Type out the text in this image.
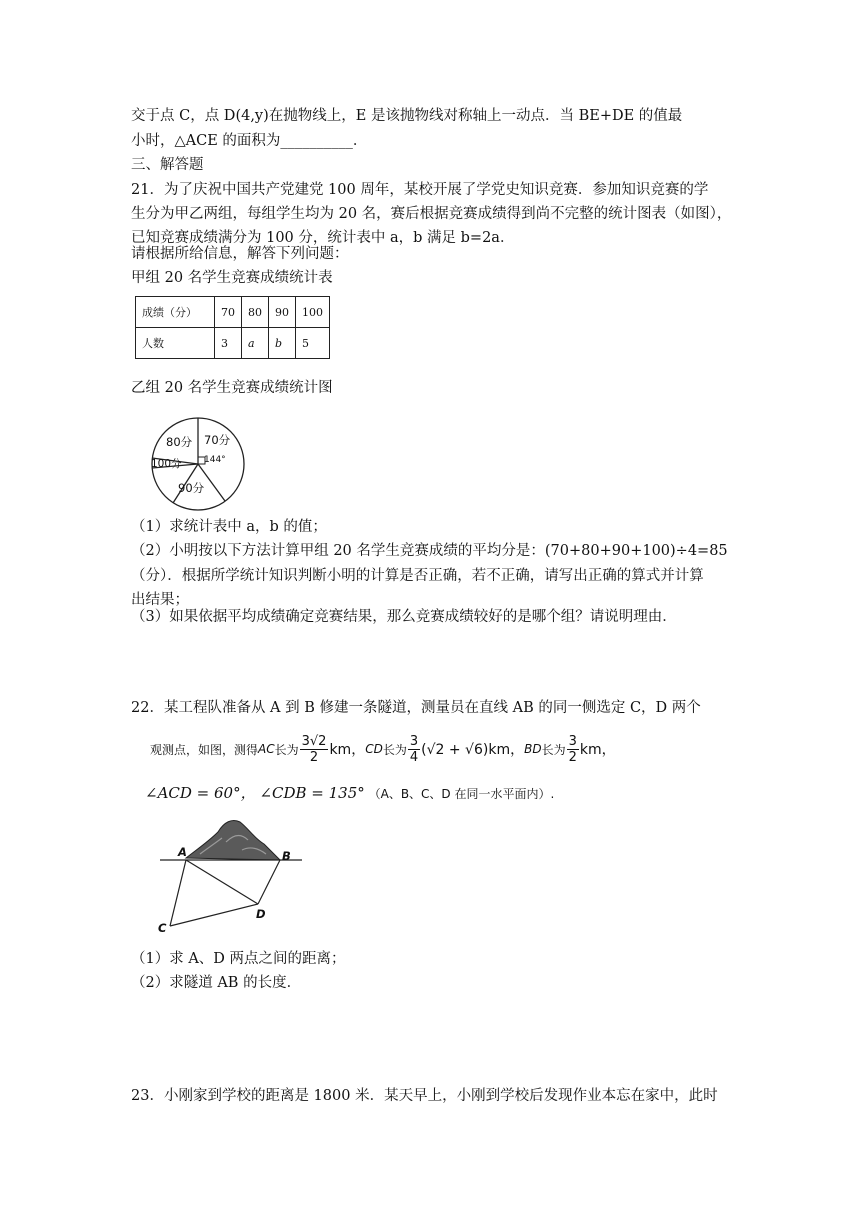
交于点 C，点 D(4,y)在抛物线上，E 是该抛物线对称轴上一动点．当 BE+DE 的值最
小时，△ACE 的面积为__________．
三、解答题
21．为了庆祝中国共产党建党 100 周年，某校开展了学党史知识竞赛．参加知识竞赛的学
生分为甲乙两组，每组学生均为 20 名，赛后根据竞赛成绩得到尚不完整的统计图表（如图），
已知竞赛成绩满分为 100 分，统计表中 a，b 满足 b=2a．
请根据所给信息，解答下列问题：
甲组 20 名学生竞赛成绩统计表
成绩（分）	70	80	90	100
人数	3	a	b	5
乙组 20 名学生竞赛成绩统计图
80分 70分
144°
100分
90分
（1）求统计表中 a，b 的值；
（2）小明按以下方法计算甲组 20 名学生竞赛成绩的平均分是：(70+80+90+100)÷4=85
（分）．根据所学统计知识判断小明的计算是否正确，若不正确，请写出正确的算式并计算
出结果；
（3）如果依据平均成绩确定竞赛结果，那么竞赛成绩较好的是哪个组？请说明理由．
22．某工程队准备从 A 到 B 修建一条隧道，测量员在直线 AB 的同一侧选定 C，D 两个
观测点，如图，测得 AC 长为 $\frac{3√2}{2}$ km， CD 长为 $\frac{3}{4} (√2 + √6)km$， BD 长为 $\frac{3}{2}$ km，
∠ACD = 60°， ∠CDB = 135° （A、B、C、D 在同一水平面内）.
A	B
C
D
（1）求 A、D 两点之间的距离；
（2）求隧道 AB 的长度．
23．小刚家到学校的距离是 1800 米．某天早上，小刚到学校后发现作业本忘在家中，此时
